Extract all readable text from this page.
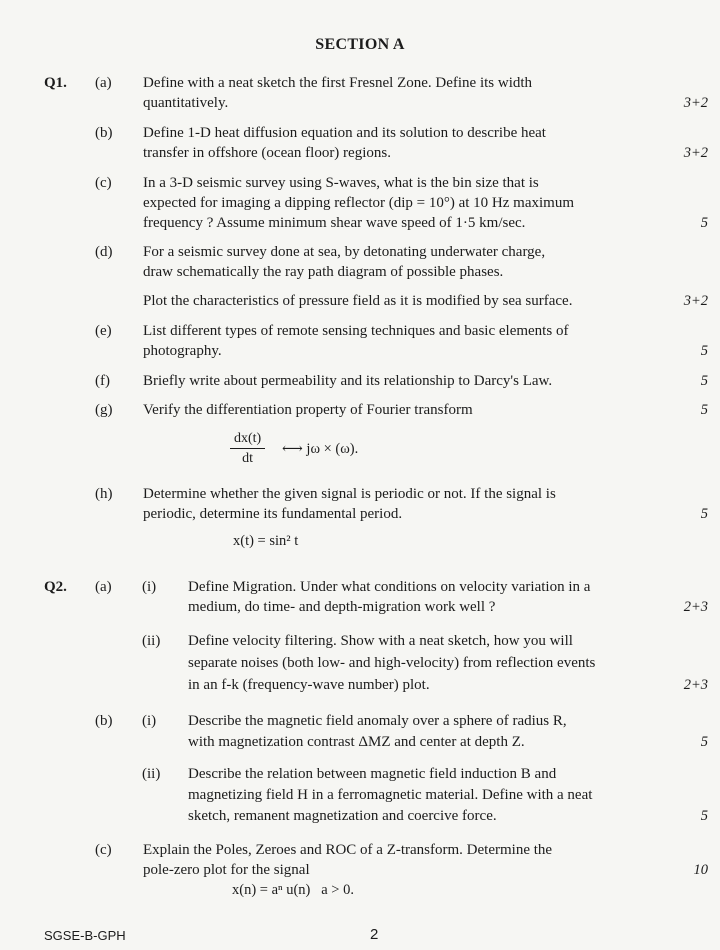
SECTION A
Q1. (a) Define with a neat sketch the first Fresnel Zone. Define its width
quantitatively.	3+2
(b) Define 1-D heat diffusion equation and its solution to describe heat
transfer in offshore (ocean floor) regions.	3+2
(c) In a 3-D seismic survey using S-waves, what is the bin size that is
expected for imaging a dipping reflector (dip = 10°) at 10 Hz maximum
frequency ? Assume minimum shear wave speed of 1·5 km/sec.	5
(d) For a seismic survey done at sea, by detonating underwater charge,
draw schematically the ray path diagram of possible phases.
Plot the characteristics of pressure field as it is modified by sea surface.	3+2
(e) List different types of remote sensing techniques and basic elements of
photography.	5
(f) Briefly write about permeability and its relationship to Darcy's Law.	5
(g) Verify the differentiation property of Fourier transform	5
$\frac{dx(t)}{dt}$ ⟷ jω × (ω).
(h) Determine whether the given signal is periodic or not. If the signal is
periodic, determine its fundamental period.	5
x(t) = sin² t
Q2. (a) (i) Define Migration. Under what conditions on velocity variation in a
medium, do time- and depth-migration work well ?	2+3
(ii) Define velocity filtering. Show with a neat sketch, how you will
separate noises (both low- and high-velocity) from reflection events
in an f-k (frequency-wave number) plot.	2+3
(b) (i) Describe the magnetic field anomaly over a sphere of radius R,
with magnetization contrast ΔMZ and center at depth Z.	5
(ii) Describe the relation between magnetic field induction B and
magnetizing field H in a ferromagnetic material. Define with a neat
sketch, remanent magnetization and coercive force.	5
(c) Explain the Poles, Zeroes and ROC of a Z-transform. Determine the
pole-zero plot for the signal	10
x(n) = aⁿ u(n)   a > 0.
SGSE-B-GPH	2
